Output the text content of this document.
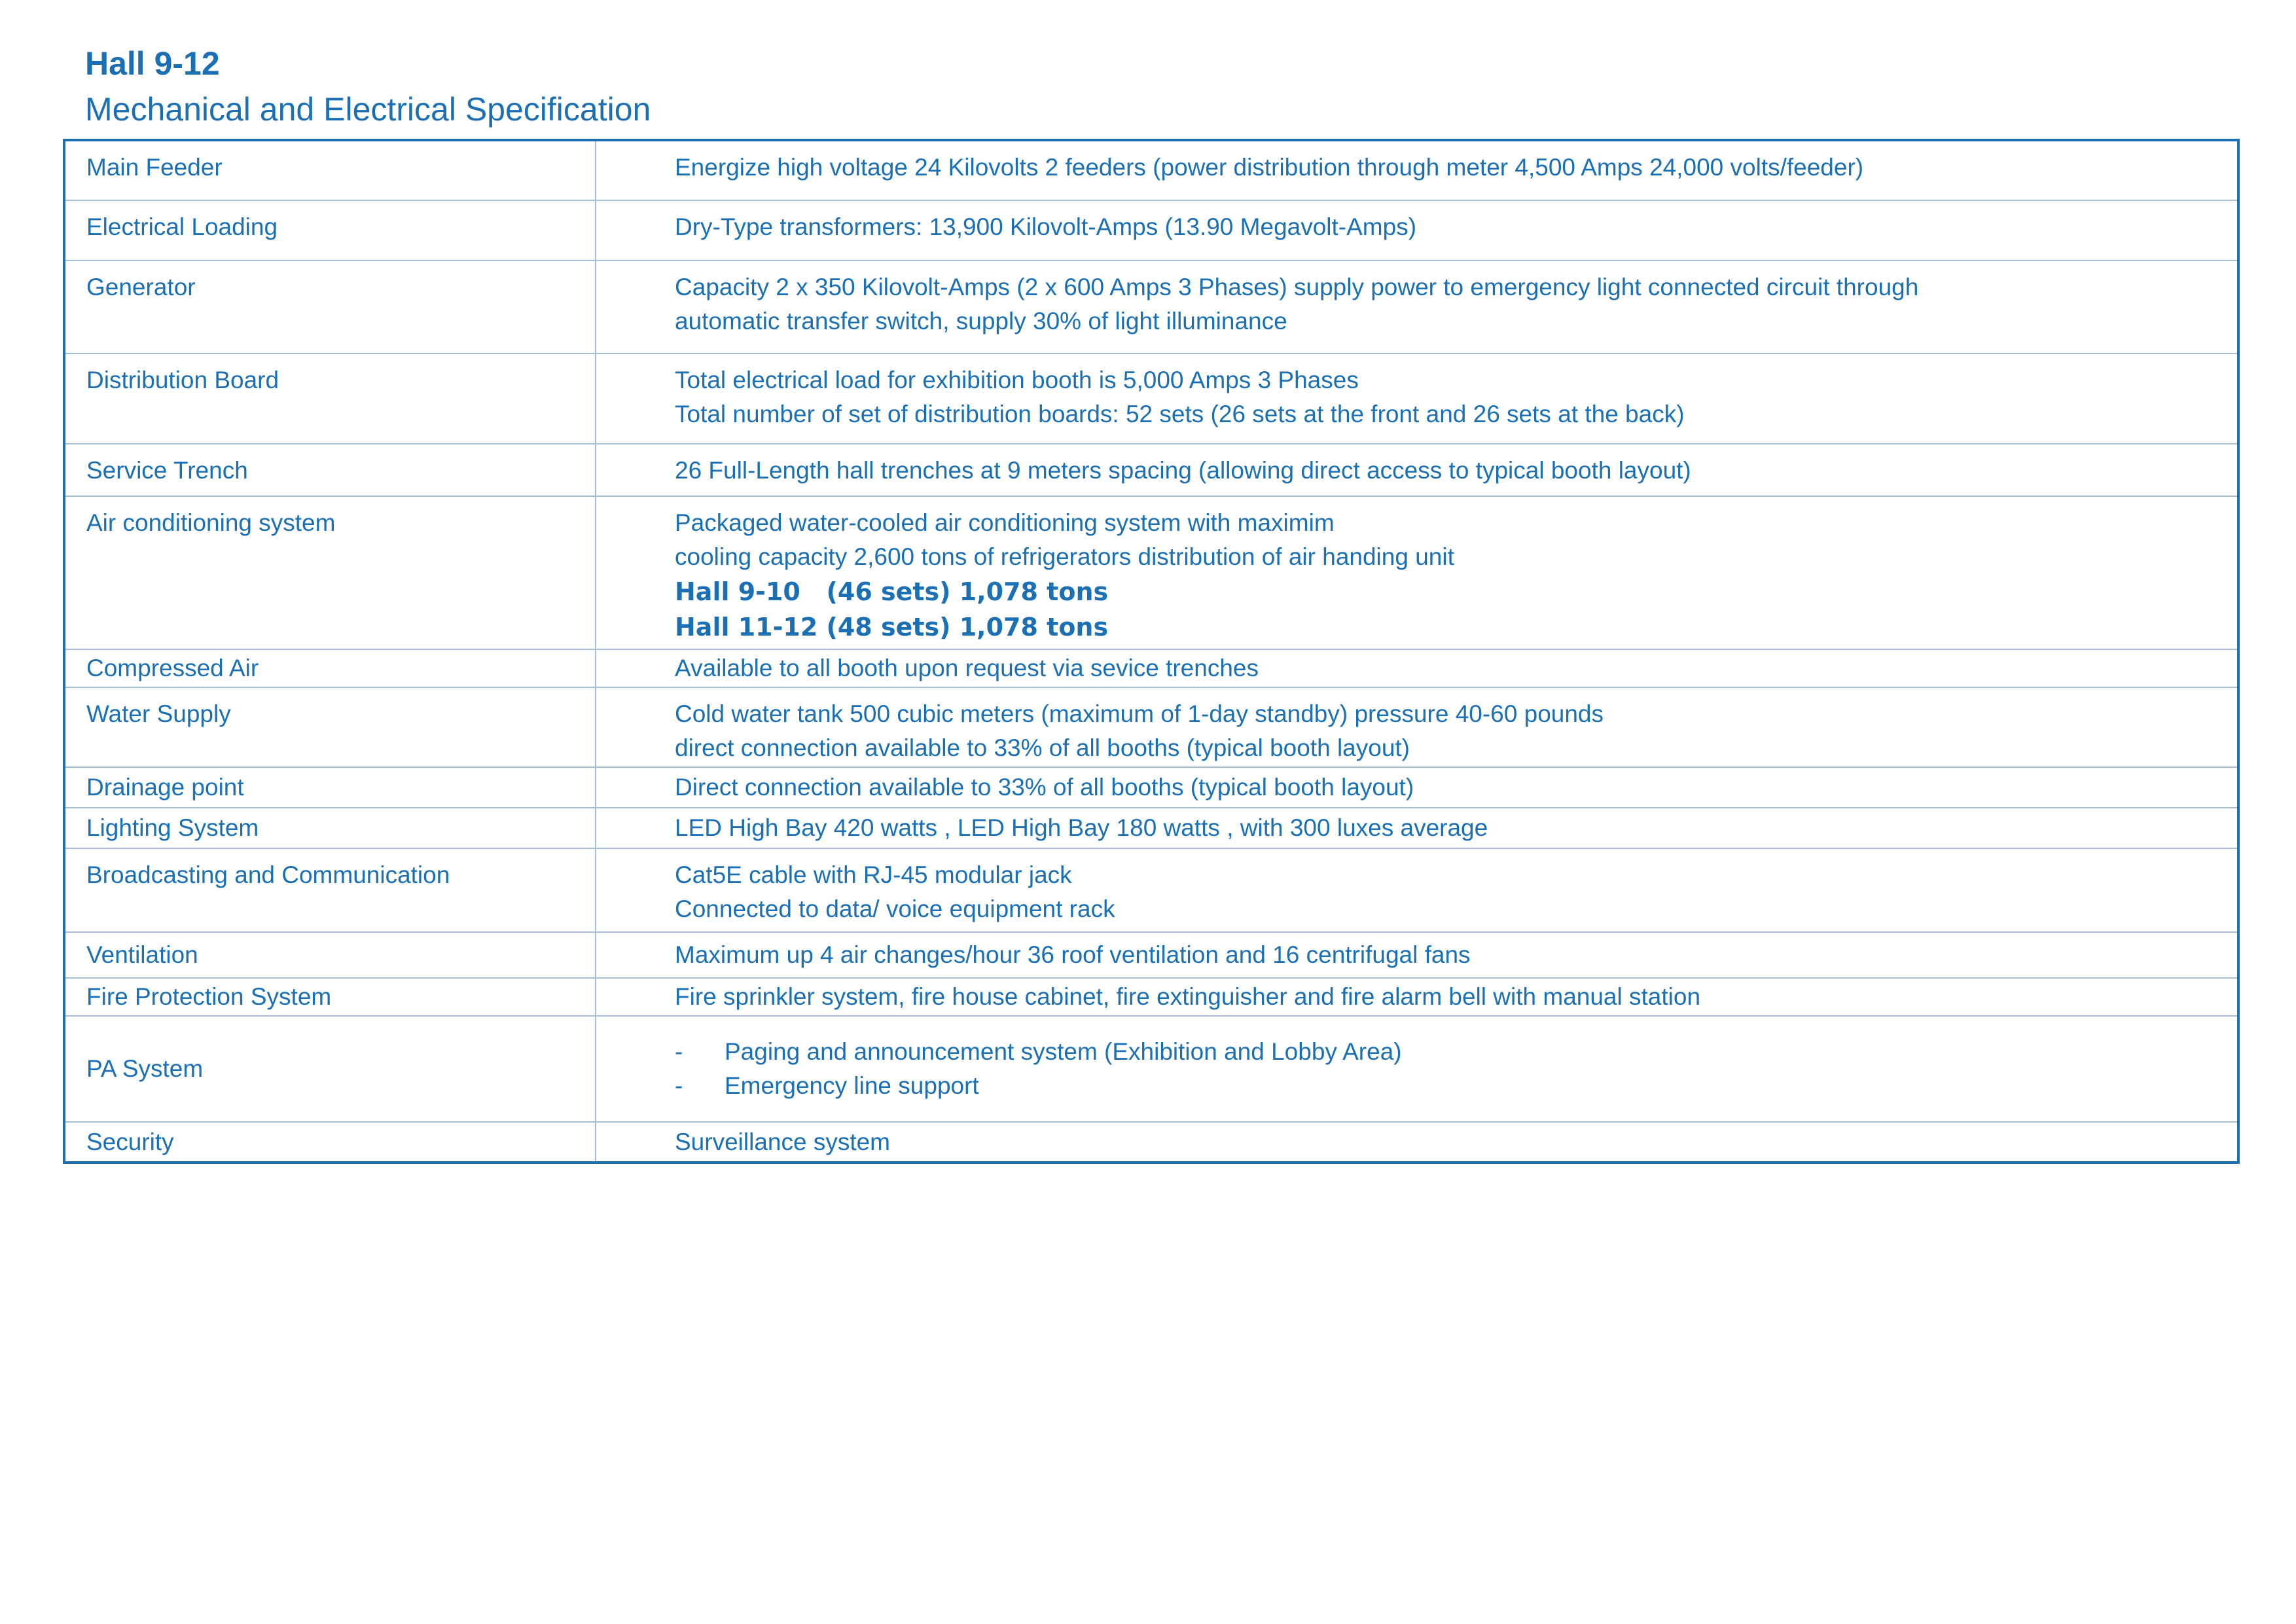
Hall 9-12
Mechanical and Electrical Specification
Main Feeder	Energize high voltage 24 Kilovolts 2 feeders (power distribution through meter 4,500 Amps 24,000 volts/feeder)

Electrical Loading	Dry-Type transformers: 13,900 Kilovolt-Amps (13.90 Megavolt-Amps)

Generator	Capacity 2 x 350 Kilovolt-Amps (2 x 600 Amps 3 Phases) supply power to emergency light connected circuit through
automatic transfer switch, supply 30% of light illuminance

Distribution Board	Total electrical load for exhibition booth is 5,000 Amps 3 Phases
Total number of set of distribution boards: 52 sets (26 sets at the front and 26 sets at the back)

Service Trench	26 Full-Length hall trenches at 9 meters spacing (allowing direct access to typical booth layout)

Air conditioning system	Packaged water-cooled air conditioning system with maximim
cooling capacity 2,600 tons of refrigerators distribution of air handing unit
Hall 9-10   (46 sets) 1,078 tons
Hall 11-12 (48 sets) 1,078 tons

Compressed Air	Available to all booth upon request via sevice trenches

Water Supply	Cold water tank 500 cubic meters (maximum of 1-day standby) pressure 40-60 pounds
direct connection available to 33% of all booths (typical booth layout)

Drainage point	Direct connection available to 33% of all booths (typical booth layout)

Lighting System	LED High Bay 420 watts , LED High Bay 180 watts , with 300 luxes average

Broadcasting and Communication	Cat5E cable with RJ-45 modular jack
Connected to data/ voice equipment rack

Ventilation	Maximum up 4 air changes/hour 36 roof ventilation and 16 centrifugal fans

Fire Protection System	Fire sprinkler system, fire house cabinet, fire extinguisher and fire alarm bell with manual station

PA System	- Paging and announcement system (Exhibition and Lobby Area)
- Emergency line support

Security	Surveillance system
